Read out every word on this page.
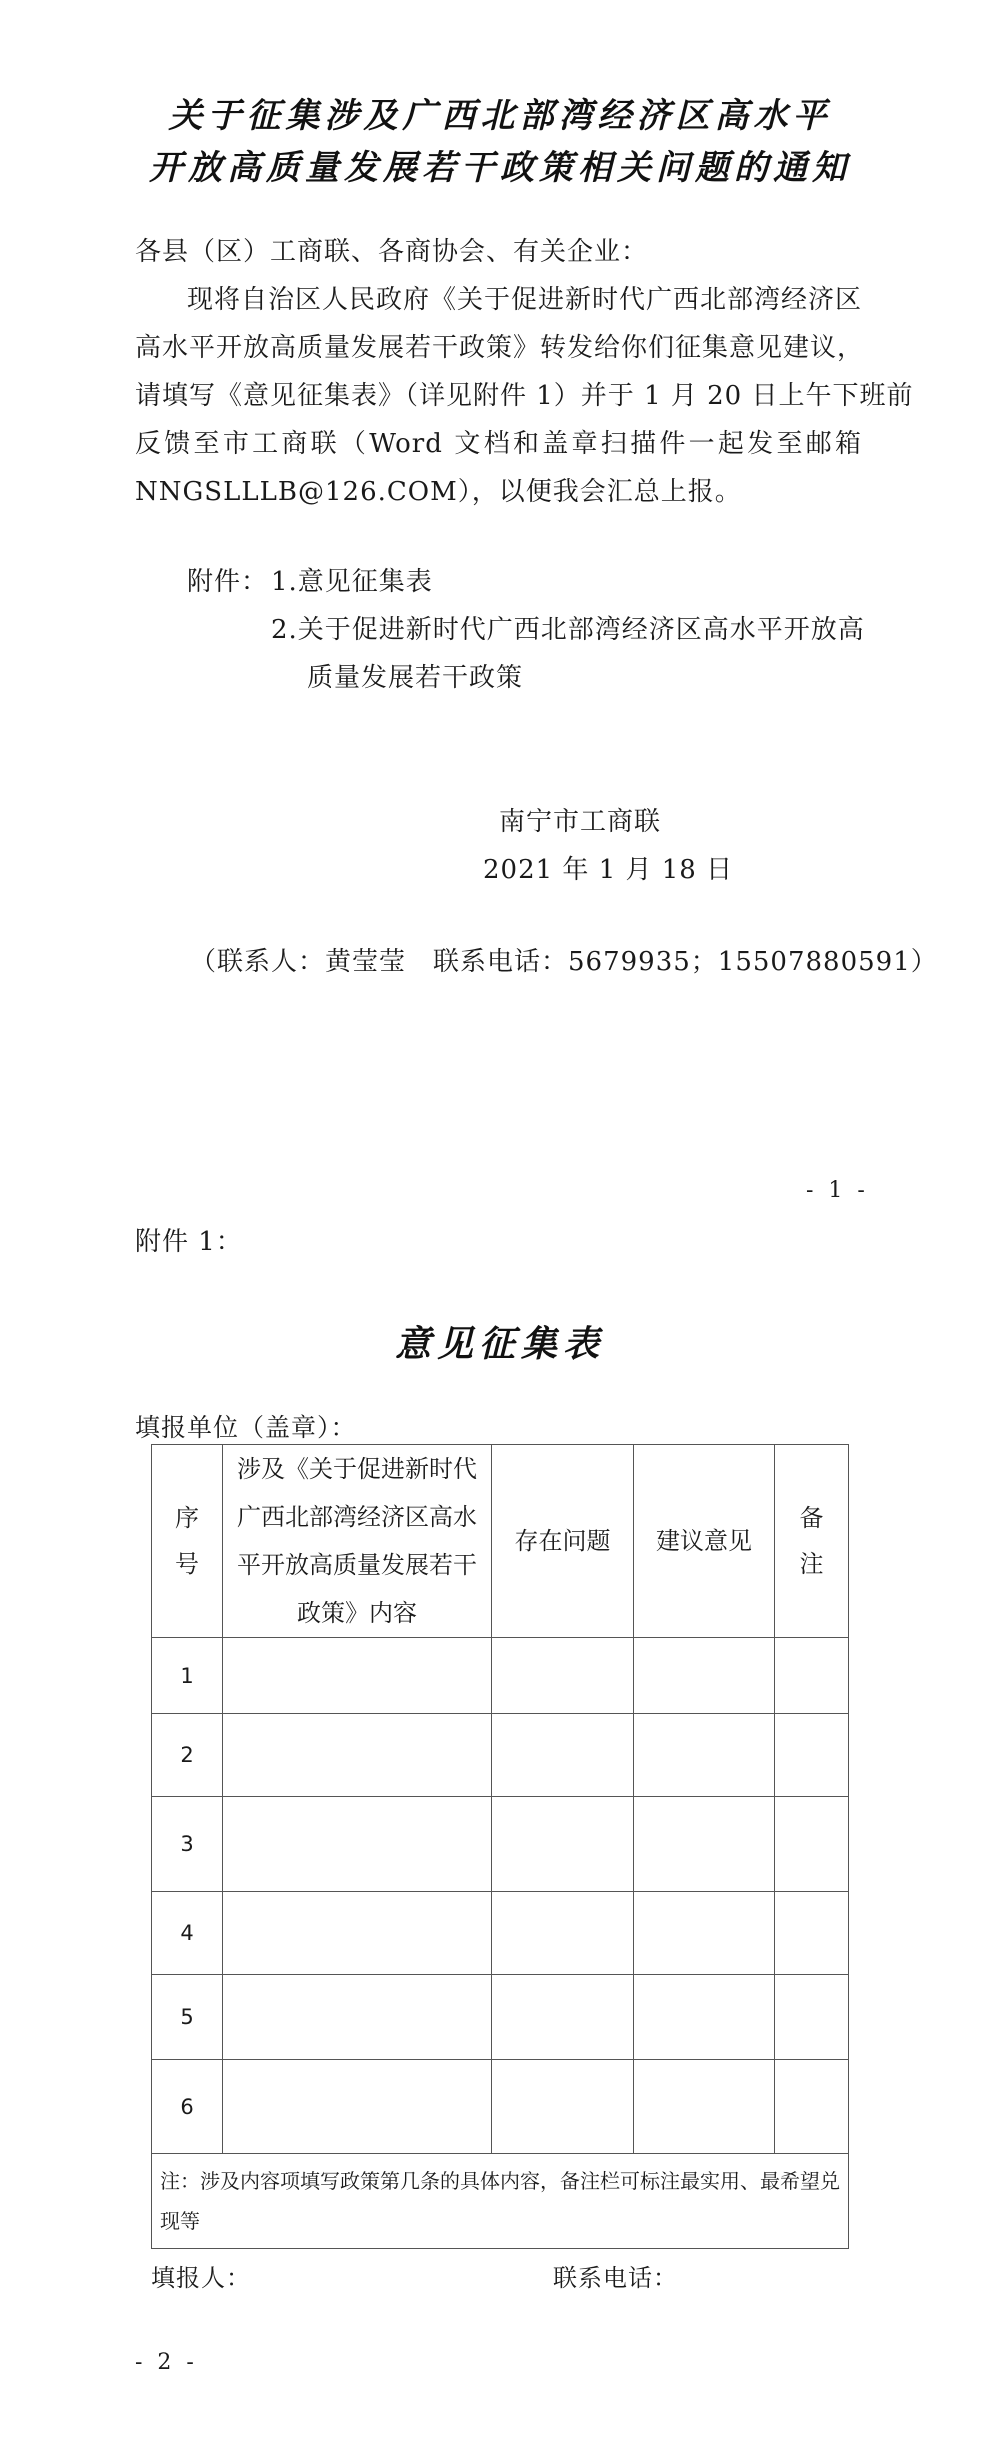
关于征集涉及广西北部湾经济区高水平
开放高质量发展若干政策相关问题的通知
各县（区）工商联、各商协会、有关企业：
现将自治区人民政府《关于促进新时代广西北部湾经济区
高水平开放高质量发展若干政策》转发给你们征集意见建议，
请填写《意见征集表》（详见附件 1）并于 1 月 20 日上午下班前
反馈至市工商联（Word 文档和盖章扫描件一起发至邮箱
NNGSLLLB@126.COM），以便我会汇总上报。
附件： 1.意见征集表
2.关于促进新时代广西北部湾经济区高水平开放高
质量发展若干政策
南宁市工商联
2021 年 1 月 18 日
（联系人：黄莹莹　联系电话：5679935；15507880591）
- 1 -
附件 1：
意见征集表
填报单位（盖章）：
序号	涉及《关于促进新时代广西北部湾经济区高水平开放高质量发展若干政策》内容	存在问题	建议意见	备注
1				
2				
3				
4				
5				
6				
注：涉及内容项填写政策第几条的具体内容，备注栏可标注最实用、最希望兑现等				
填报人：	联系电话：
- 2 -
